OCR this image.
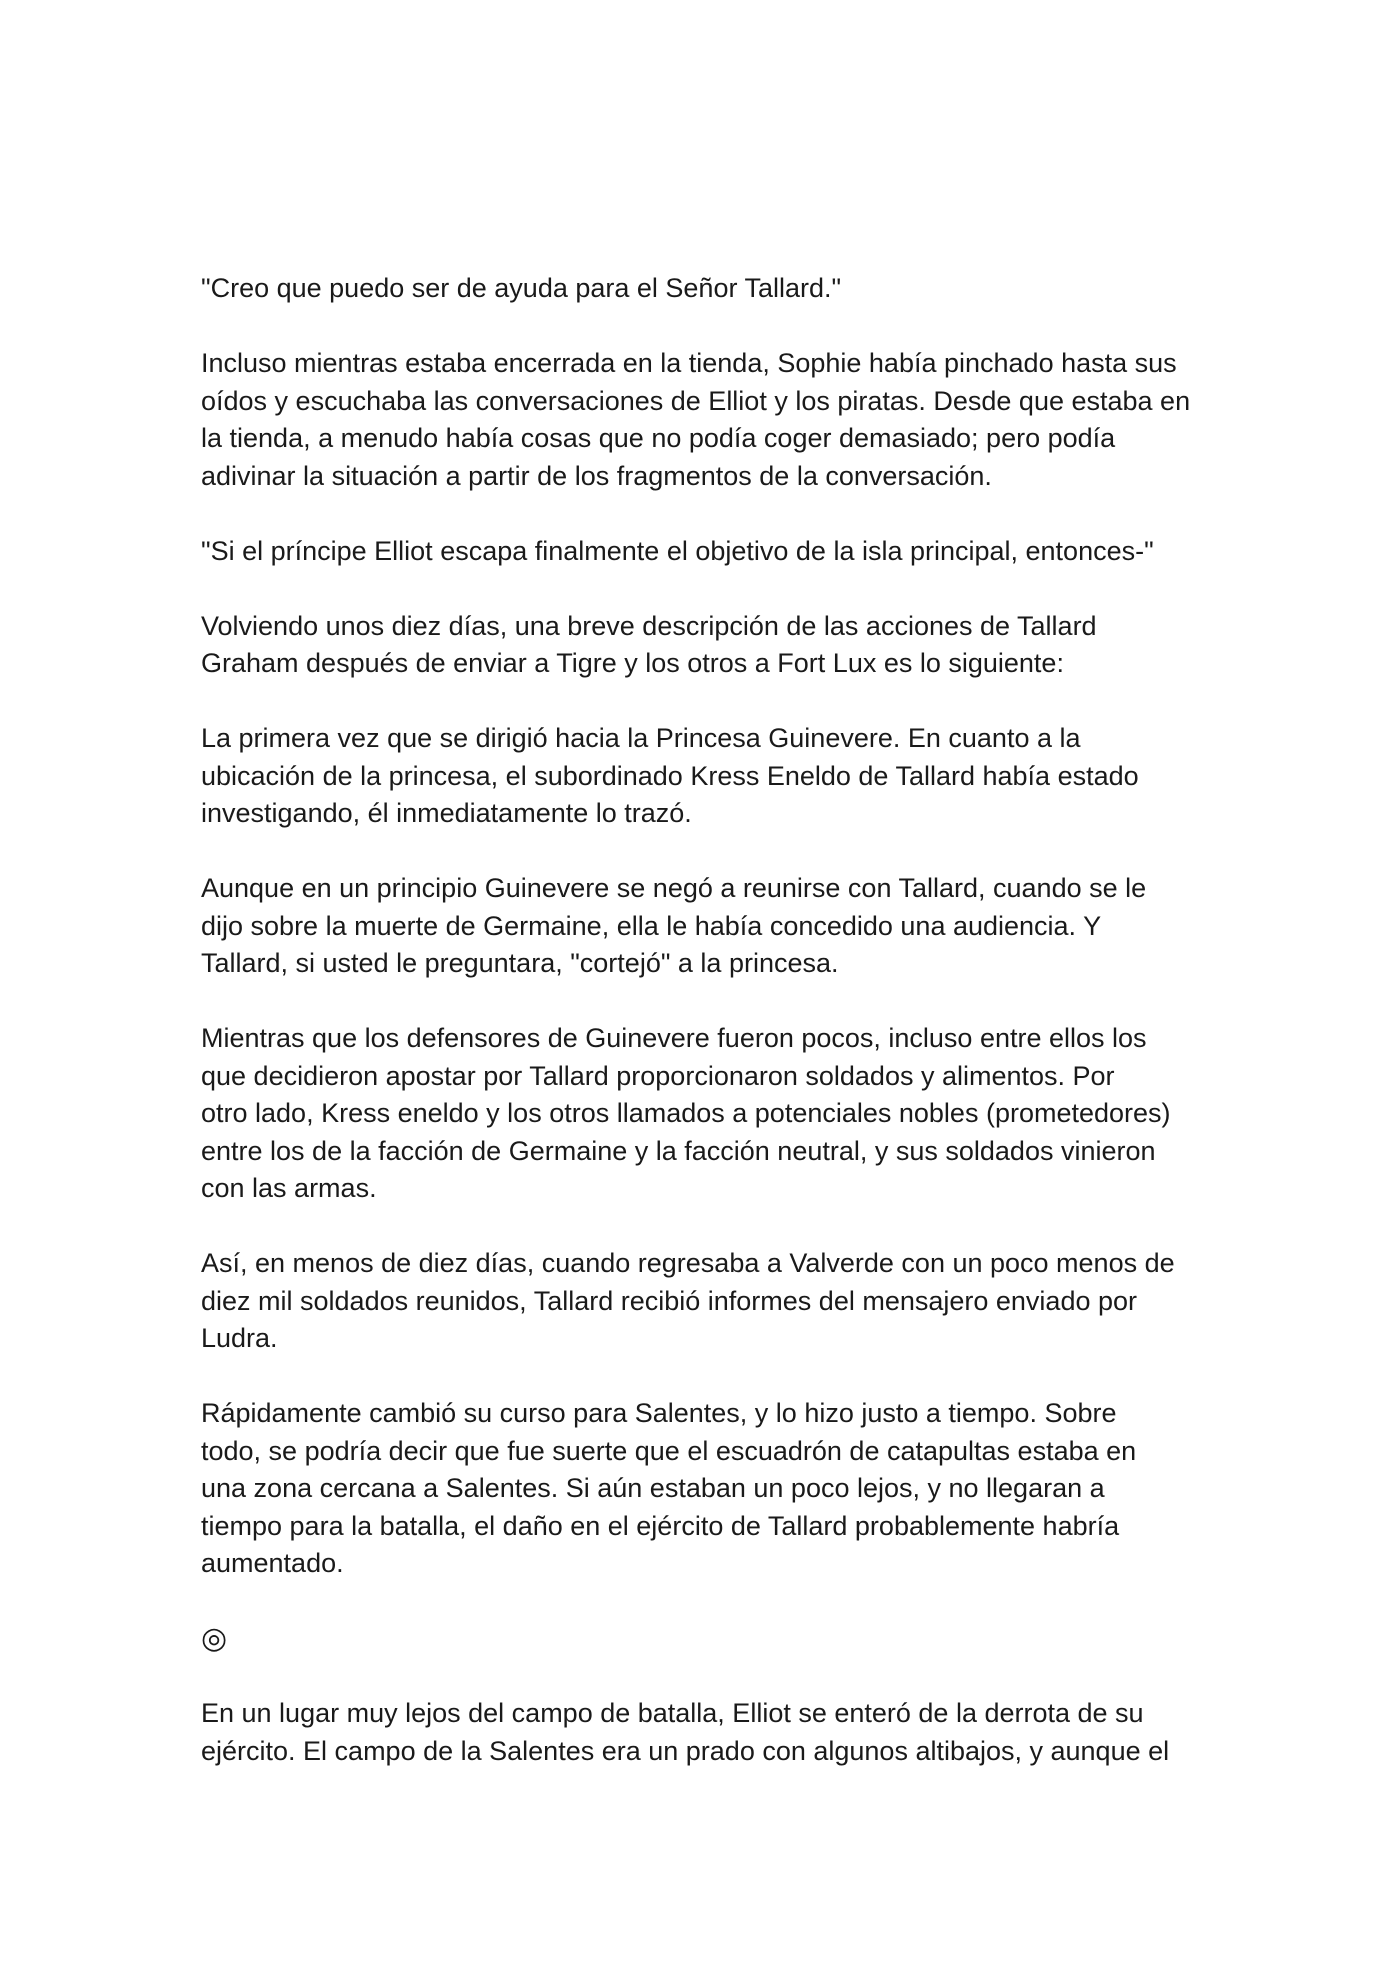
"Creo que puedo ser de ayuda para el Señor Tallard."

Incluso mientras estaba encerrada en la tienda, Sophie había pinchado hasta sus
oídos y escuchaba las conversaciones de Elliot y los piratas. Desde que estaba en
la tienda, a menudo había cosas que no podía coger demasiado; pero podía
adivinar la situación a partir de los fragmentos de la conversación.

"Si el príncipe Elliot escapa finalmente el objetivo de la isla principal, entonces-"

Volviendo unos diez días, una breve descripción de las acciones de Tallard
Graham después de enviar a Tigre y los otros a Fort Lux es lo siguiente:

La primera vez que se dirigió hacia la Princesa Guinevere. En cuanto a la
ubicación de la princesa, el subordinado Kress Eneldo de Tallard había estado
investigando, él inmediatamente lo trazó.

Aunque en un principio Guinevere se negó a reunirse con Tallard, cuando se le
dijo sobre la muerte de Germaine, ella le había concedido una audiencia. Y
Tallard, si usted le preguntara, "cortejó" a la princesa.

Mientras que los defensores de Guinevere fueron pocos, incluso entre ellos los
que decidieron apostar por Tallard proporcionaron soldados y alimentos. Por
otro lado, Kress eneldo y los otros llamados a potenciales nobles (prometedores)
entre los de la facción de Germaine y la facción neutral, y sus soldados vinieron
con las armas.

Así, en menos de diez días, cuando regresaba a Valverde con un poco menos de
diez mil soldados reunidos, Tallard recibió informes del mensajero enviado por
Ludra.

Rápidamente cambió su curso para Salentes, y lo hizo justo a tiempo. Sobre
todo, se podría decir que fue suerte que el escuadrón de catapultas estaba en
una zona cercana a Salentes. Si aún estaban un poco lejos, y no llegaran a
tiempo para la batalla, el daño en el ejército de Tallard probablemente habría
aumentado.

◎

En un lugar muy lejos del campo de batalla, Elliot se enteró de la derrota de su
ejército. El campo de la Salentes era un prado con algunos altibajos, y aunque el
